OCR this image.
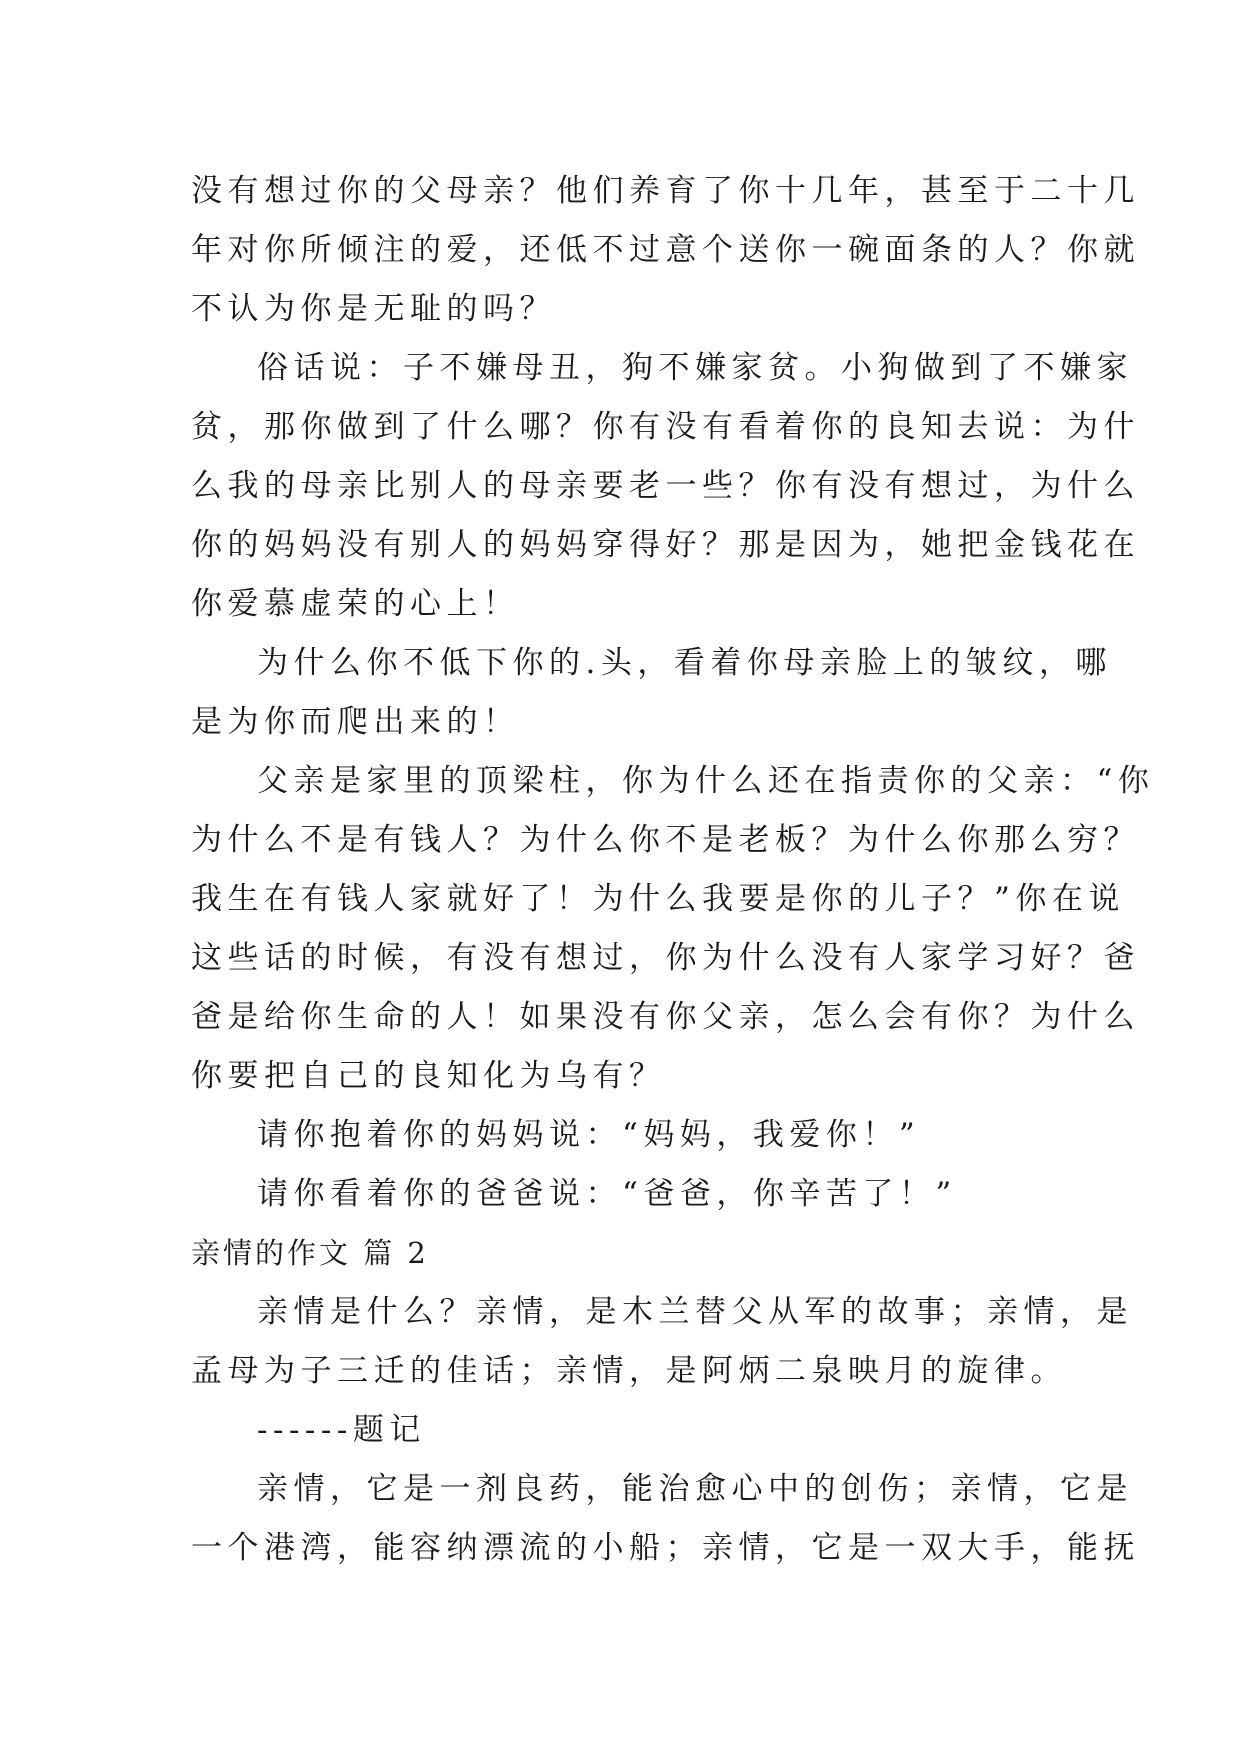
没有想过你的父母亲？他们养育了你十几年，甚至于二十几
年对你所倾注的爱，还低不过意个送你一碗面条的人？你就
不认为你是无耻的吗？
俗话说：子不嫌母丑，狗不嫌家贫。小狗做到了不嫌家
贫，那你做到了什么哪？你有没有看着你的良知去说：为什
么我的母亲比别人的母亲要老一些？你有没有想过，为什么
你的妈妈没有别人的妈妈穿得好？那是因为，她把金钱花在
你爱慕虚荣的心上！
为什么你不低下你的.头，看着你母亲脸上的皱纹，哪
是为你而爬出来的！
父亲是家里的顶梁柱，你为什么还在指责你的父亲：“你
为什么不是有钱人？为什么你不是老板？为什么你那么穷？
我生在有钱人家就好了！为什么我要是你的儿子？”你在说
这些话的时候，有没有想过，你为什么没有人家学习好？爸
爸是给你生命的人！如果没有你父亲，怎么会有你？为什么
你要把自己的良知化为乌有？
请你抱着你的妈妈说：“妈妈，我爱你！”
请你看着你的爸爸说：“爸爸，你辛苦了！”
亲情的作文 篇 2
亲情是什么？亲情，是木兰替父从军的故事；亲情，是
孟母为子三迁的佳话；亲情，是阿炳二泉映月的旋律。
------题记
亲情，它是一剂良药，能治愈心中的创伤；亲情，它是
一个港湾，能容纳漂流的小船；亲情，它是一双大手，能抚
